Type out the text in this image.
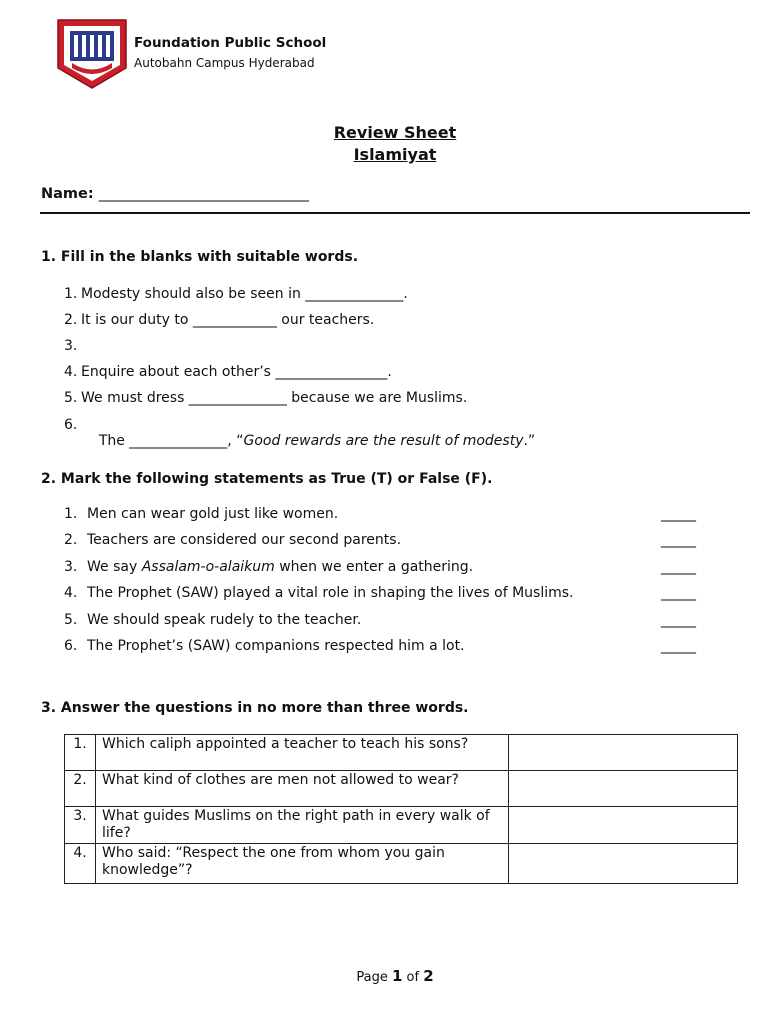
Foundation Public School
Autobahn Campus Hyderabad
Review Sheet
Islamiyat
Name: _____________________________
1. Fill in the blanks with suitable words.
1. Modesty should also be seen in ______________.
2. It is our duty to ____________ our teachers.
3.
4. Enquire about each other’s ________________.
5. We must dress ______________ because we are Muslims.
6.

The ______________, “Good rewards are the result of modesty.”

2. Mark the following statements as True (T) or False (F).
1. Men can wear gold just like women.	_____
2. Teachers are considered our second parents.	_____
3. We say Assalam-o-alaikum when we enter a gathering.	_____
4. The Prophet (SAW) played a vital role in shaping the lives of Muslims.	_____
5. We should speak rudely to the teacher.	_____
6. The Prophet’s (SAW) companions respected him a lot.	_____
3. Answer the questions in no more than three words.
1.	Which caliph appointed a teacher to teach his sons?	
2.	What kind of clothes are men not allowed to wear?	
3.	What guides Muslims on the right path in every walk of life?	
4.	Who said: “Respect the one from whom you gain knowledge”?	
Page 1 of 2
